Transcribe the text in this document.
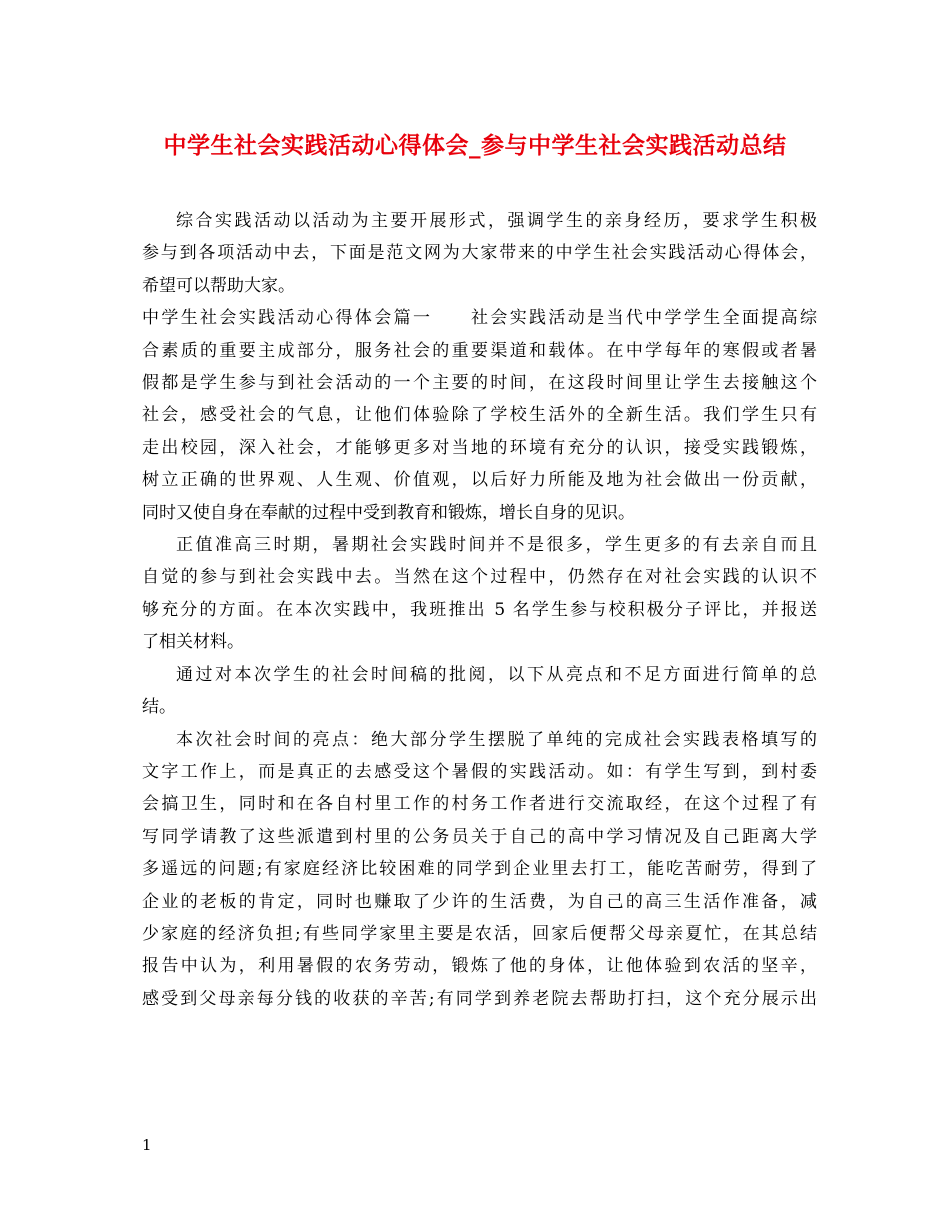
中学生社会实践活动心得体会_参与中学生社会实践活动总结

综合实践活动以活动为主要开展形式，强调学生的亲身经历，要求学生积极
参与到各项活动中去，下面是范文网为大家带来的中学生社会实践活动心得体会，
希望可以帮助大家。

中学生社会实践活动心得体会篇一　　社会实践活动是当代中学学生全面提高综
合素质的重要主成部分，服务社会的重要渠道和载体。在中学每年的寒假或者暑
假都是学生参与到社会活动的一个主要的时间，在这段时间里让学生去接触这个
社会，感受社会的气息，让他们体验除了学校生活外的全新生活。我们学生只有
走出校园，深入社会，才能够更多对当地的环境有充分的认识，接受实践锻炼，
树立正确的世界观、人生观、价值观，以后好力所能及地为社会做出一份贡献，
同时又使自身在奉献的过程中受到教育和锻炼，增长自身的见识。

正值准高三时期，暑期社会实践时间并不是很多，学生更多的有去亲自而且
自觉的参与到社会实践中去。当然在这个过程中，仍然存在对社会实践的认识不
够充分的方面。在本次实践中，我班推出 5 名学生参与校积极分子评比，并报送
了相关材料。

通过对本次学生的社会时间稿的批阅，以下从亮点和不足方面进行简单的总
结。

本次社会时间的亮点：绝大部分学生摆脱了单纯的完成社会实践表格填写的
文字工作上，而是真正的去感受这个暑假的实践活动。如：有学生写到，到村委
会搞卫生，同时和在各自村里工作的村务工作者进行交流取经，在这个过程了有
写同学请教了这些派遣到村里的公务员关于自己的高中学习情况及自己距离大学
多遥远的问题;有家庭经济比较困难的同学到企业里去打工，能吃苦耐劳，得到了
企业的老板的肯定，同时也赚取了少许的生活费，为自己的高三生活作准备，减
少家庭的经济负担;有些同学家里主要是农活，回家后便帮父母亲夏忙，在其总结
报告中认为，利用暑假的农务劳动，锻炼了他的身体，让他体验到农活的坚辛，
感受到父母亲每分钱的收获的辛苦;有同学到养老院去帮助打扫，这个充分展示出

1
